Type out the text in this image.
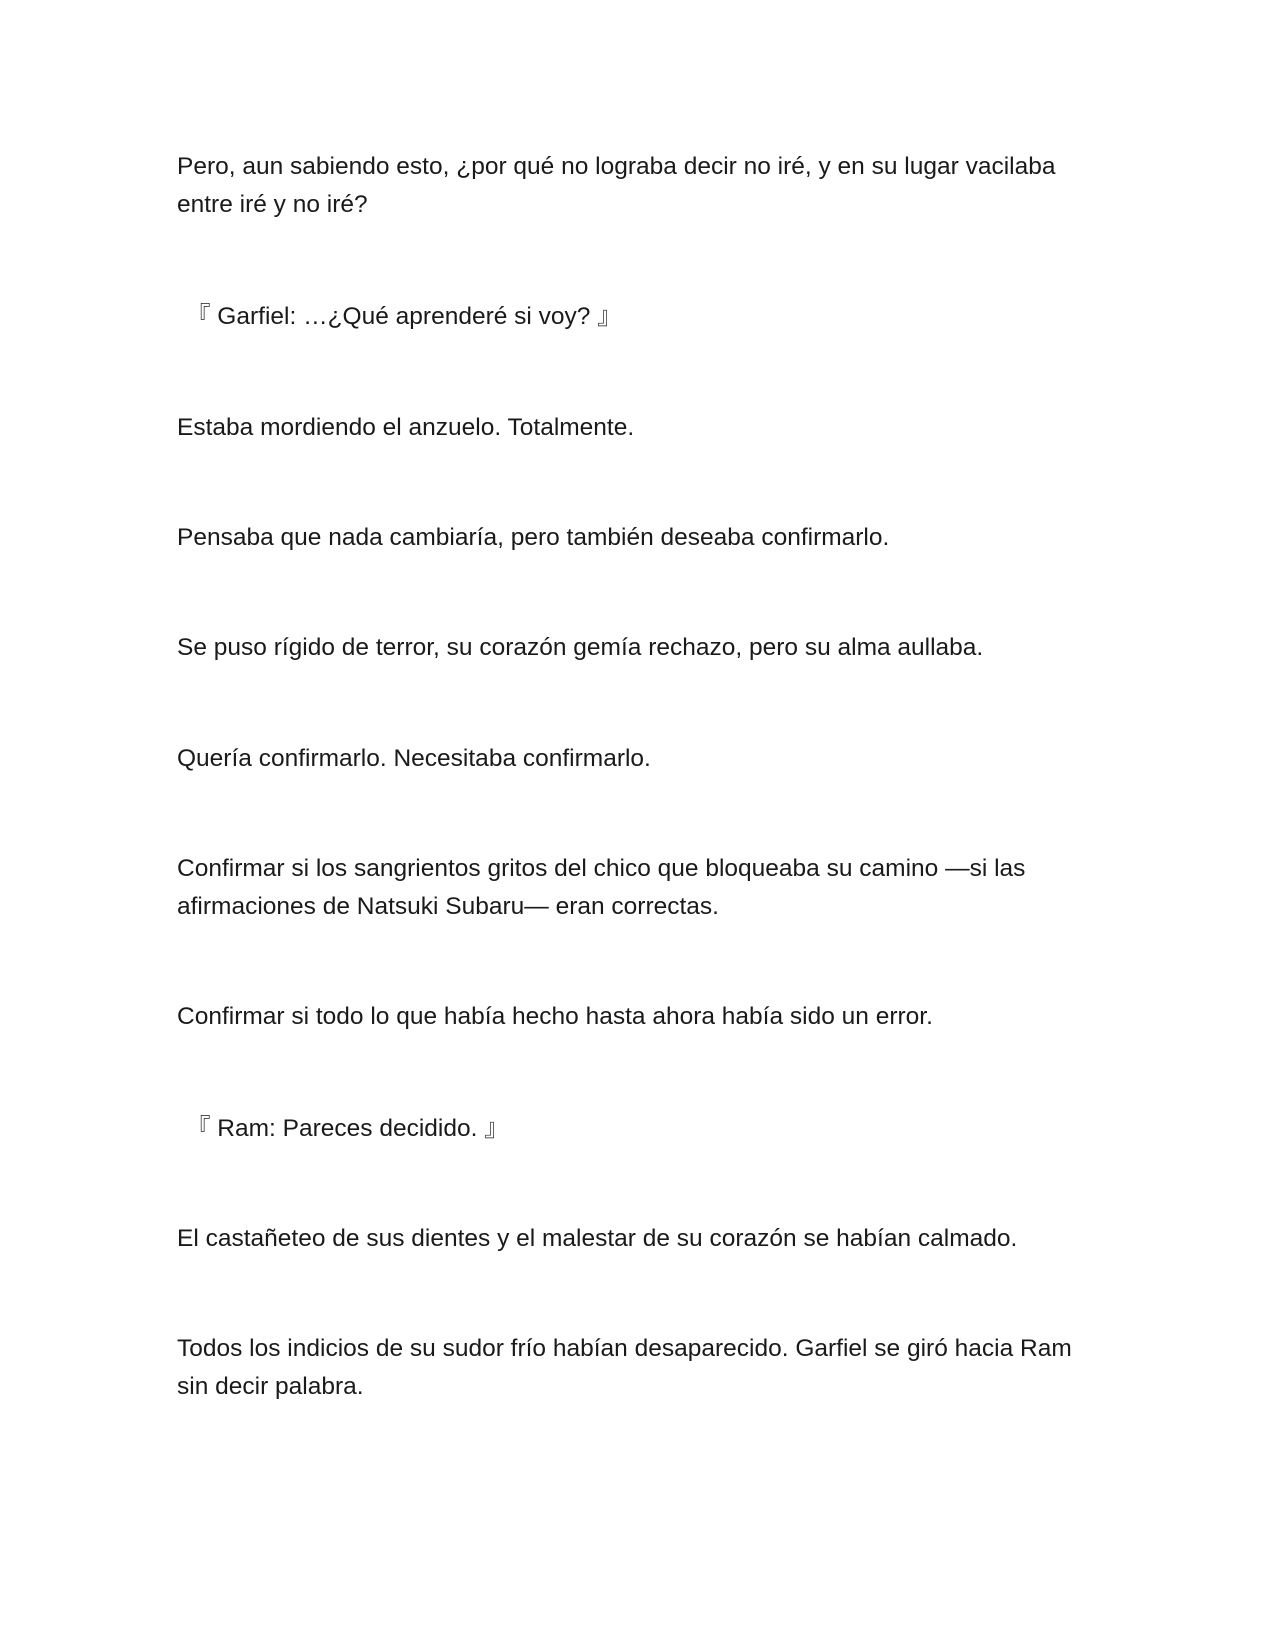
Pero, aun sabiendo esto, ¿por qué no lograba decir no iré, y en su lugar vacilaba entre iré y no iré?

『 Garfiel: …¿Qué aprenderé si voy? 』

Estaba mordiendo el anzuelo. Totalmente.

Pensaba que nada cambiaría, pero también deseaba confirmarlo.

Se puso rígido de terror, su corazón gemía rechazo, pero su alma aullaba.

Quería confirmarlo. Necesitaba confirmarlo.

Confirmar si los sangrientos gritos del chico que bloqueaba su camino —si las afirmaciones de Natsuki Subaru— eran correctas.

Confirmar si todo lo que había hecho hasta ahora había sido un error.

『 Ram: Pareces decidido. 』

El castañeteo de sus dientes y el malestar de su corazón se habían calmado.

Todos los indicios de su sudor frío habían desaparecido. Garfiel se giró hacia Ram sin decir palabra.
